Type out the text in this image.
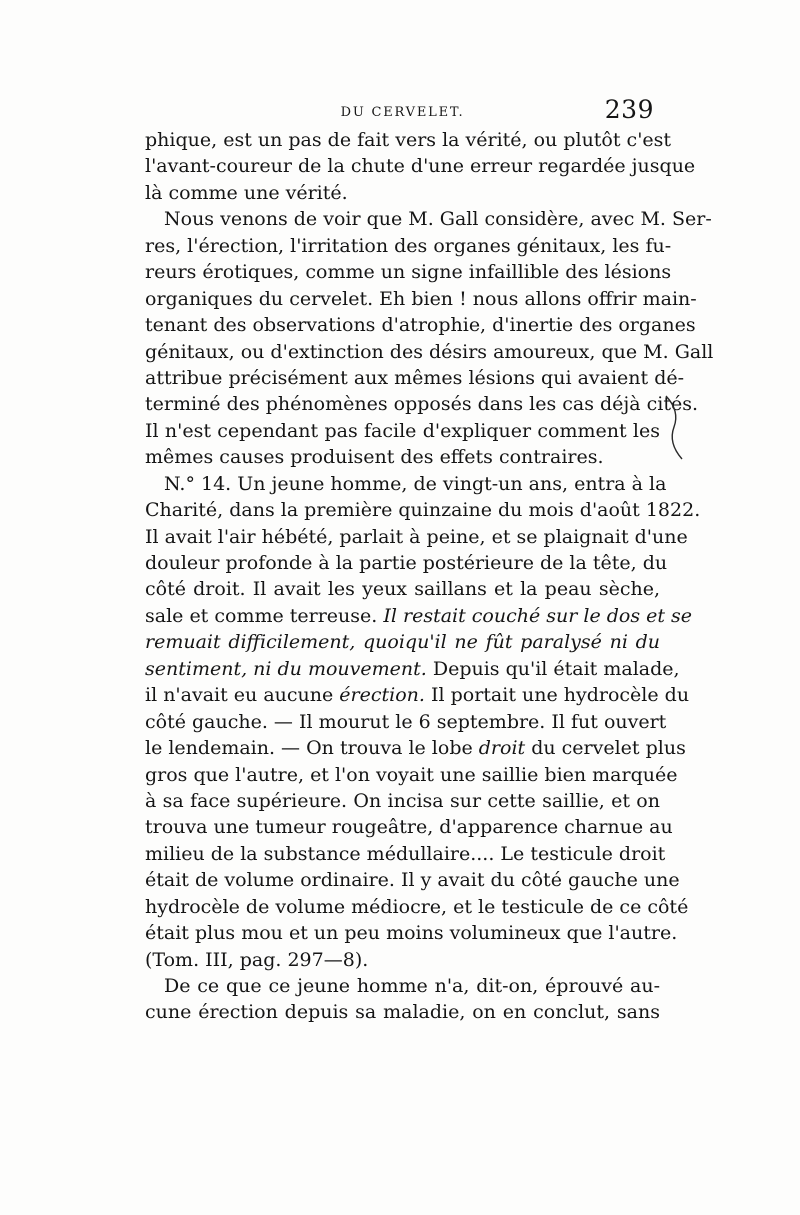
DU CERVELET.	239
phique, est un pas de fait vers la vérité, ou plutôt c'est
l'avant-coureur de la chute d'une erreur regardée jusque
là comme une vérité.
Nous venons de voir que M. Gall considère, avec M. Ser-
res, l'érection, l'irritation des organes génitaux, les fu-
reurs érotiques, comme un signe infaillible des lésions
organiques du cervelet. Eh bien ! nous allons offrir main-
tenant des observations d'atrophie, d'inertie des organes
génitaux, ou d'extinction des désirs amoureux, que M. Gall
attribue précisément aux mêmes lésions qui avaient dé-
terminé des phénomènes opposés dans les cas déjà cités.
Il n'est cependant pas facile d'expliquer comment les
mêmes causes produisent des effets contraires.
N.° 14. Un jeune homme, de vingt-un ans, entra à la
Charité, dans la première quinzaine du mois d'août 1822.
Il avait l'air hébété, parlait à peine, et se plaignait d'une
douleur profonde à la partie postérieure de la tête, du
côté droit. Il avait les yeux saillans et la peau sèche,
sale et comme terreuse. Il restait couché sur le dos et se
remuait difficilement, quoiqu'il ne fût paralysé ni du
sentiment, ni du mouvement. Depuis qu'il était malade,
il n'avait eu aucune érection. Il portait une hydrocèle du
côté gauche. — Il mourut le 6 septembre. Il fut ouvert
le lendemain. — On trouva le lobe droit du cervelet plus
gros que l'autre, et l'on voyait une saillie bien marquée
à sa face supérieure. On incisa sur cette saillie, et on
trouva une tumeur rougeâtre, d'apparence charnue au
milieu de la substance médullaire.... Le testicule droit
était de volume ordinaire. Il y avait du côté gauche une
hydrocèle de volume médiocre, et le testicule de ce côté
était plus mou et un peu moins volumineux que l'autre.
(Tom. III, pag. 297—8).
De ce que ce jeune homme n'a, dit-on, éprouvé au-
cune érection depuis sa maladie, on en conclut, sans
